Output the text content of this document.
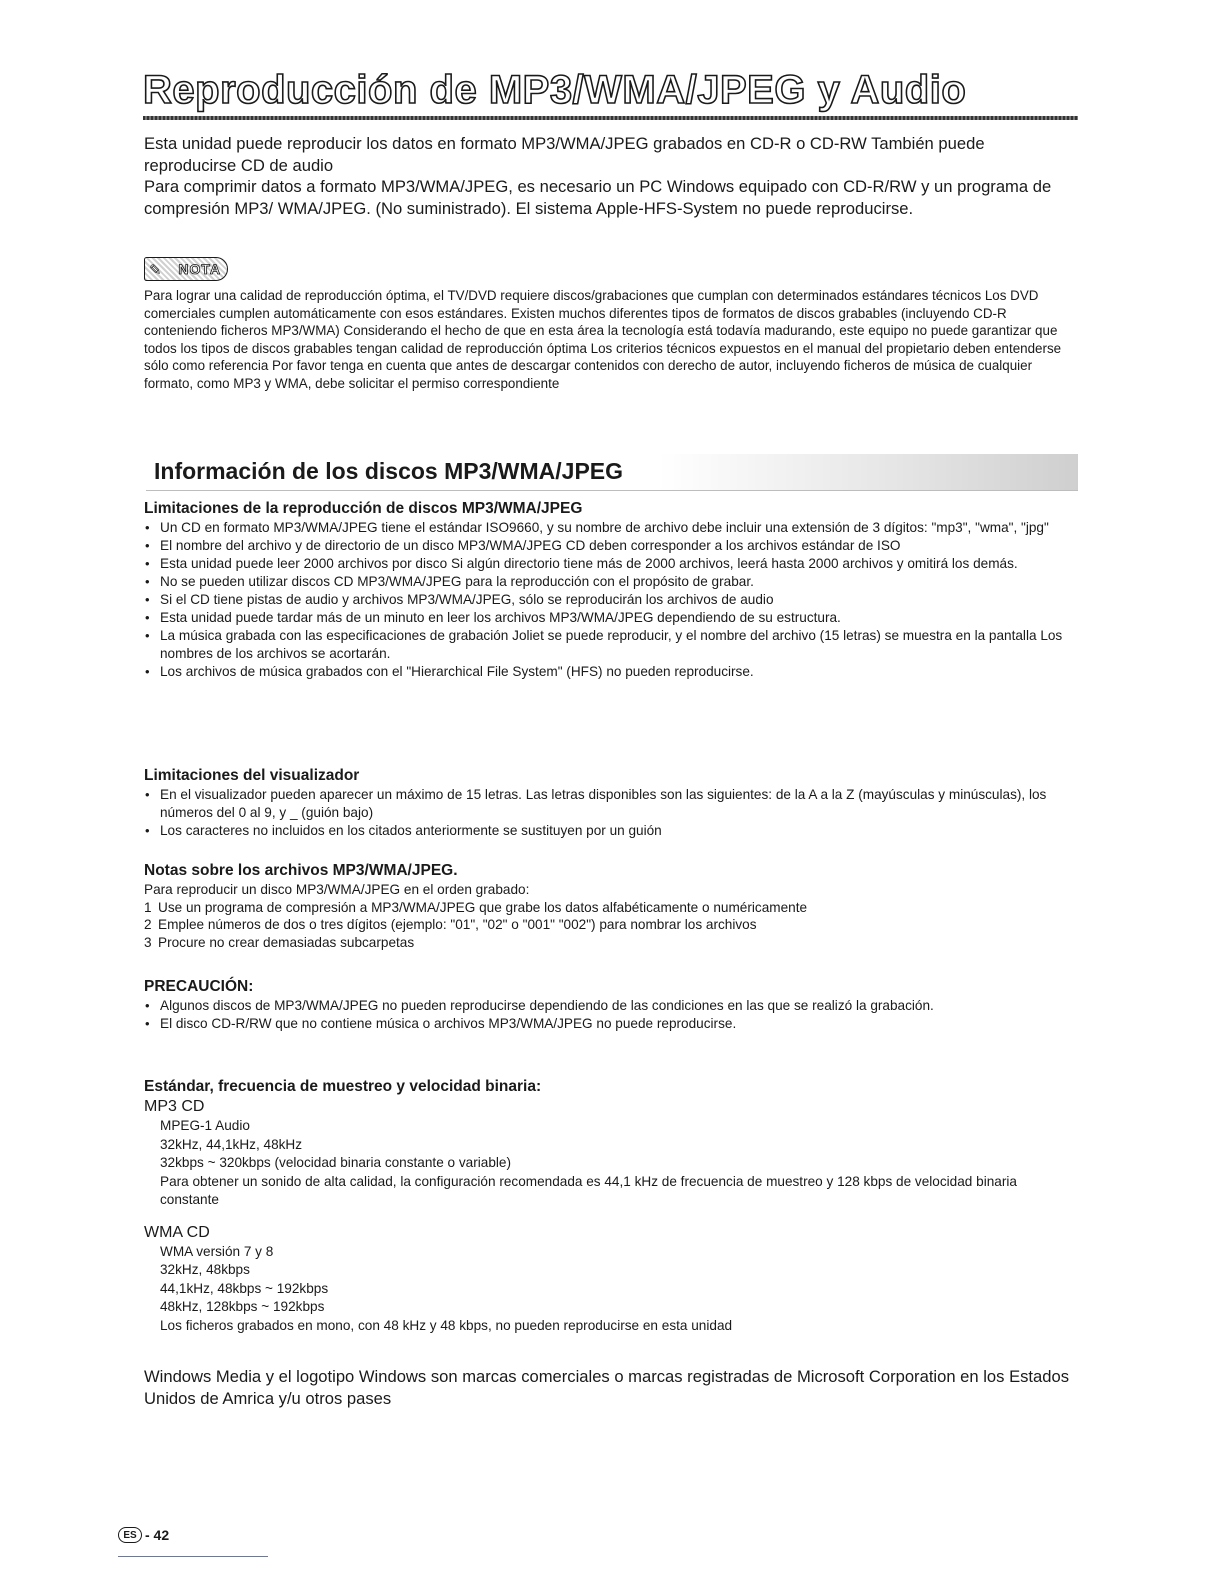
Reproducción de MP3/WMA/JPEG y Audio

Esta unidad puede reproducir los datos en formato MP3/WMA/JPEG grabados en CD-R o CD-RW También puede reproducirse CD de audio

Para comprimir datos a formato MP3/WMA/JPEG, es necesario un PC Windows equipado con CD-R/RW y un programa de compresión MP3/ WMA/JPEG. (No suministrado). El sistema Apple-HFS-System no puede reproducirse.

✎ NOTA

Para lograr una calidad de reproducción óptima, el TV/DVD requiere discos/grabaciones que cumplan con determinados estándares técnicos Los DVD comerciales cumplen automáticamente con esos estándares. Existen muchos diferentes tipos de formatos de discos grabables (incluyendo CD-R conteniendo ficheros MP3/WMA) Considerando el hecho de que en esta área la tecnología está todavía madurando, este equipo no puede garantizar que todos los tipos de discos grabables tengan calidad de reproducción óptima Los criterios técnicos expuestos en el manual del propietario deben entenderse sólo como referencia Por favor tenga en cuenta que antes de descargar contenidos con derecho de autor, incluyendo ficheros de música de cualquier formato, como MP3 y WMA, debe solicitar el permiso correspondiente

Información de los discos MP3/WMA/JPEG
Limitaciones de la reproducción de discos MP3/WMA/JPEG
• Un CD en formato MP3/WMA/JPEG tiene el estándar ISO9660, y su nombre de archivo debe incluir una extensión de 3 dígitos: "mp3", "wma", "jpg"
• El nombre del archivo y de directorio de un disco MP3/WMA/JPEG CD deben corresponder a los archivos estándar de ISO
• Esta unidad puede leer 2000 archivos por disco Si algún directorio tiene más de 2000 archivos, leerá hasta 2000 archivos y omitirá los demás.
• No se pueden utilizar discos CD MP3/WMA/JPEG para la reproducción con el propósito de grabar.
• Si el CD tiene pistas de audio y archivos MP3/WMA/JPEG, sólo se reproducirán los archivos de audio
• Esta unidad puede tardar más de un minuto en leer los archivos MP3/WMA/JPEG dependiendo de su estructura.
• La música grabada con las especificaciones de grabación Joliet se puede reproducir, y el nombre del archivo (15 letras) se muestra en la pantalla Los nombres de los archivos se acortarán.
• Los archivos de música grabados con el "Hierarchical File System" (HFS) no pueden reproducirse.
Limitaciones del visualizador
• En el visualizador pueden aparecer un máximo de 15 letras. Las letras disponibles son las siguientes: de la A a la Z (mayúsculas y minúsculas), los números del 0 al 9, y _ (guión bajo)
• Los caracteres no incluidos en los citados anteriormente se sustituyen por un guión
Notas sobre los archivos MP3/WMA/JPEG.

Para reproducir un disco MP3/WMA/JPEG en el orden grabado:

1 Use un programa de compresión a MP3/WMA/JPEG que grabe los datos alfabéticamente o numéricamente
2 Emplee números de dos o tres dígitos (ejemplo: "01", "02" o "001" "002") para nombrar los archivos
3 Procure no crear demasiadas subcarpetas
PRECAUCIÓN:
• Algunos discos de MP3/WMA/JPEG no pueden reproducirse dependiendo de las condiciones en las que se realizó la grabación.
• El disco CD-R/RW que no contiene música o archivos MP3/WMA/JPEG no puede reproducirse.
Estándar, frecuencia de muestreo y velocidad binaria:
MP3 CD
MPEG-1 Audio
32kHz, 44,1kHz, 48kHz
32kbps ~ 320kbps (velocidad binaria constante o variable)
Para obtener un sonido de alta calidad, la configuración recomendada es 44,1 kHz de frecuencia de muestreo y 128 kbps de velocidad binaria constante
WMA CD
WMA versión 7 y 8
32kHz, 48kbps
44,1kHz, 48kbps ~ 192kbps
48kHz, 128kbps ~ 192kbps
Los ficheros grabados en mono, con 48 kHz y 48 kbps, no pueden reproducirse en esta unidad

Windows Media y el logotipo Windows son marcas comerciales o marcas registradas de Microsoft Corporation en los Estados Unidos de Amrica y/u otros pases

ES - 42
